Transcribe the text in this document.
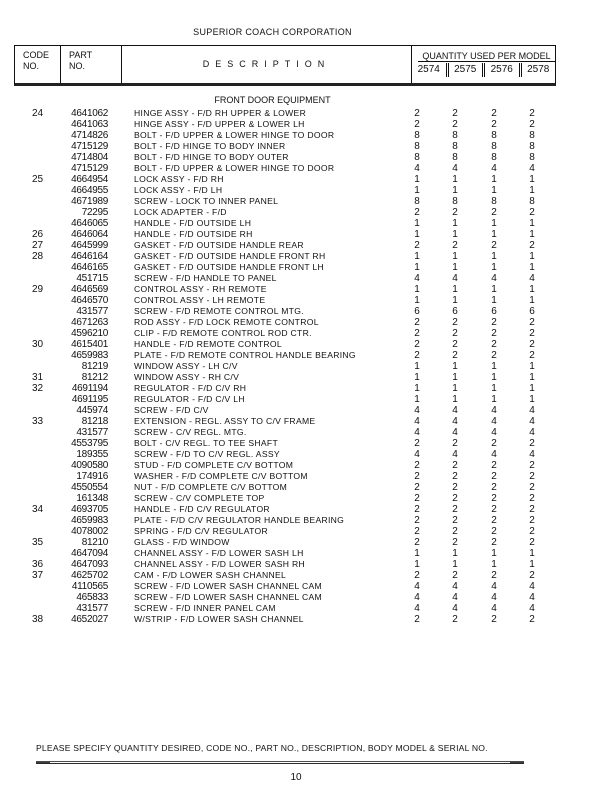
SUPERIOR COACH CORPORATION
CODE
NO.
PART
NO.	DESCRIPTION
QUANTITY USED PER MODEL
2574	2575	2576	2578
FRONT DOOR EQUIPMENT
24	4641062	HINGE ASSY - F/D RH UPPER & LOWER	2	2	2	2
4641063	HINGE ASSY - F/D UPPER & LOWER LH	2	2	2	2
4714826	BOLT - F/D UPPER & LOWER HINGE TO DOOR	8	8	8	8
4715129	BOLT - F/D HINGE TO BODY INNER	8	8	8	8
4714804	BOLT - F/D HINGE TO BODY OUTER	8	8	8	8
4715129	BOLT - F/D UPPER & LOWER HINGE TO DOOR	4	4	4	4
25	4664954	LOCK ASSY - F/D RH	1	1	1	1
4664955	LOCK ASSY - F/D LH	1	1	1	1
4671989	SCREW - LOCK TO INNER PANEL	8	8	8	8
72295	LOCK ADAPTER - F/D	2	2	2	2
4646065	HANDLE - F/D OUTSIDE LH	1	1	1	1
26	4646064	HANDLE - F/D OUTSIDE RH	1	1	1	1
27	4645999	GASKET - F/D OUTSIDE HANDLE REAR	2	2	2	2
28	4646164	GASKET - F/D OUTSIDE HANDLE FRONT RH	1	1	1	1
4646165	GASKET - F/D OUTSIDE HANDLE FRONT LH	1	1	1	1
451715	SCREW - F/D HANDLE TO PANEL	4	4	4	4
29	4646569	CONTROL ASSY - RH REMOTE	1	1	1	1
4646570	CONTROL ASSY - LH REMOTE	1	1	1	1
431577	SCREW - F/D REMOTE CONTROL MTG.	6	6	6	6
4671263	ROD ASSY - F/D LOCK REMOTE CONTROL	2	2	2	2
4596210	CLIP - F/D REMOTE CONTROL ROD CTR.	2	2	2	2
30	4615401	HANDLE - F/D REMOTE CONTROL	2	2	2	2
4659983	PLATE - F/D REMOTE CONTROL HANDLE BEARING	2	2	2	2
81219	WINDOW ASSY - LH C/V	1	1	1	1
31	81212	WINDOW ASSY - RH C/V	1	1	1	1
32	4691194	REGULATOR - F/D C/V RH	1	1	1	1
4691195	REGULATOR - F/D C/V LH	1	1	1	1
445974	SCREW - F/D C/V	4	4	4	4
33	81218	EXTENSION - REGL. ASSY TO C/V FRAME	4	4	4	4
431577	SCREW - C/V REGL. MTG.	4	4	4	4
4553795	BOLT - C/V REGL. TO TEE SHAFT	2	2	2	2
189355	SCREW - F/D TO C/V REGL. ASSY	4	4	4	4
4090580	STUD - F/D COMPLETE C/V BOTTOM	2	2	2	2
174916	WASHER - F/D COMPLETE C/V BOTTOM	2	2	2	2
4550554	NUT - F/D COMPLETE C/V BOTTOM	2	2	2	2
161348	SCREW - C/V COMPLETE TOP	2	2	2	2
34	4693705	HANDLE - F/D C/V REGULATOR	2	2	2	2
4659983	PLATE - F/D C/V REGULATOR HANDLE BEARING	2	2	2	2
4078002	SPRING - F/D C/V REGULATOR	2	2	2	2
35	81210	GLASS - F/D WINDOW	2	2	2	2
4647094	CHANNEL ASSY - F/D LOWER SASH LH	1	1	1	1
36	4647093	CHANNEL ASSY - F/D LOWER SASH RH	1	1	1	1
37	4625702	CAM - F/D LOWER SASH CHANNEL	2	2	2	2
4110565	SCREW - F/D LOWER SASH CHANNEL CAM	4	4	4	4
465833	SCREW - F/D LOWER SASH CHANNEL CAM	4	4	4	4
431577	SCREW - F/D INNER PANEL CAM	4	4	4	4
38	4652027	W/STRIP - F/D LOWER SASH CHANNEL	2	2	2	2
PLEASE SPECIFY QUANTITY DESIRED, CODE NO., PART NO., DESCRIPTION, BODY MODEL & SERIAL NO.
10
